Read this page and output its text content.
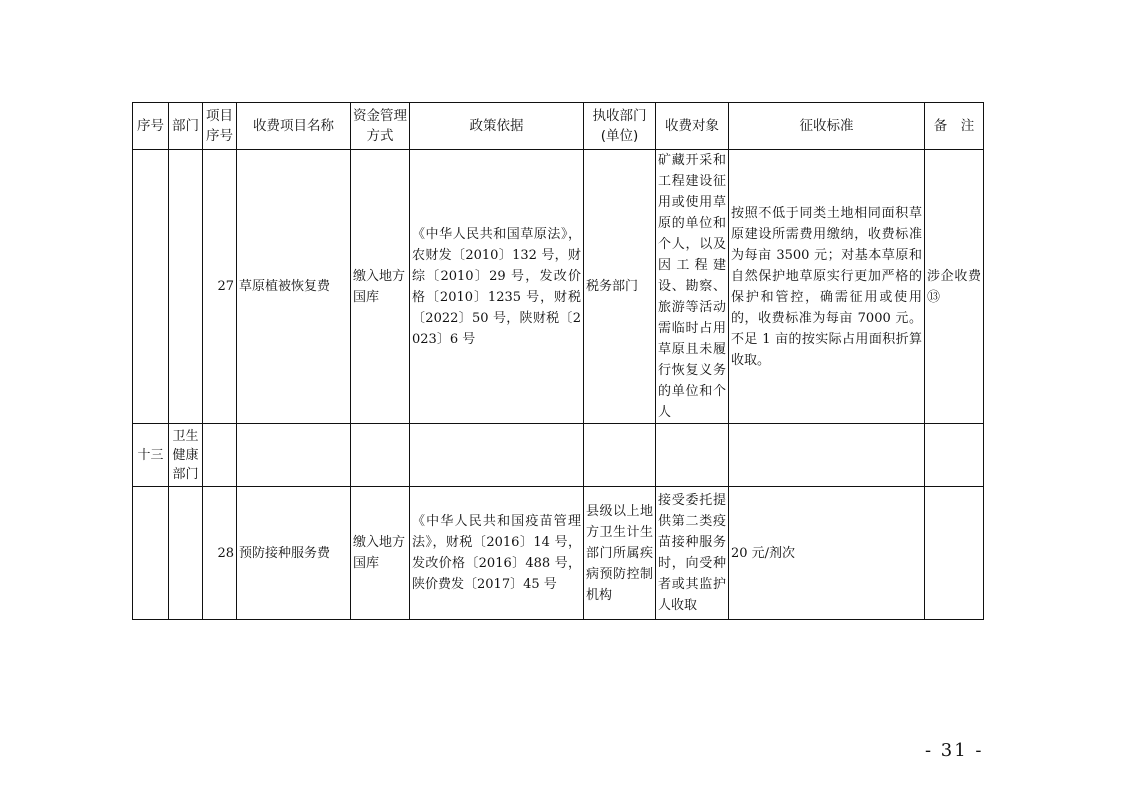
序号	部门	项目序号	收费项目名称	资金管理方式	政策依据	执收部门(单位)	收费对象	征收标准	备　注
		27	草原植被恢复费	缴入地方国库	《中华人民共和国草原法》，农财发〔2010〕132 号，财综〔2010〕29 号，发改价格〔2010〕1235 号，财税〔2022〕50 号，陕财税〔2023〕6 号	税务部门	矿藏开采和工程建设征用或使用草原的单位和个人，以及因工程建设、勘察、旅游等活动需临时占用草原且未履行恢复义务的单位和个人	按照不低于同类土地相同面积草原建设所需费用缴纳，收费标准为每亩 3500 元；对基本草原和自然保护地草原实行更加严格的保护和管控，确需征用或使用的，收费标准为每亩 7000 元。不足 1 亩的按实际占用面积折算收取。	涉企收费⑬
十三	卫生健康部门								
		28	预防接种服务费	缴入地方国库	《中华人民共和国疫苗管理法》，财税〔2016〕14 号，发改价格〔2016〕488 号，陕价费发〔2017〕45 号	县级以上地方卫生计生部门所属疾病预防控制机构	接受委托提供第二类疫苗接种服务时，向受种者或其监护人收取	20 元/剂次	
- 31 -
